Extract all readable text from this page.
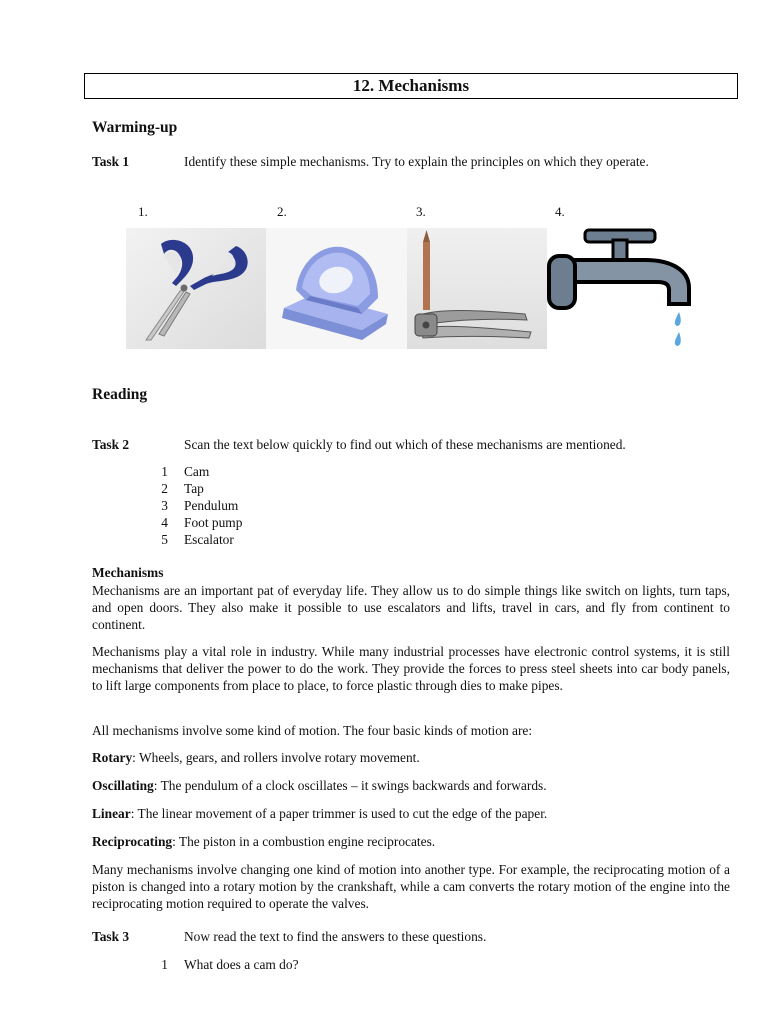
12. Mechanisms
Warming-up
Task 1	Identify these simple mechanisms. Try to explain the principles on which they operate.
1.	2.	3.	4.
Reading
Task 2	Scan the text below quickly to find out which of these mechanisms are mentioned.
1 Cam
2 Tap
3 Pendulum
4 Foot pump
5 Escalator
Mechanisms
Mechanisms are an important pat of everyday life. They allow us to do simple things like switch on lights, turn taps, and open doors. They also make it possible to use escalators and lifts, travel in cars, and fly from continent to continent.
Mechanisms play a vital role in industry. While many industrial processes have electronic control systems, it is still mechanisms that deliver the power to do the work. They provide the forces to press steel sheets into car body panels, to lift large components from place to place, to force plastic through dies to make pipes.
All mechanisms involve some kind of motion. The four basic kinds of motion are:
Rotary: Wheels, gears, and rollers involve rotary movement.
Oscillating: The pendulum of a clock oscillates – it swings backwards and forwards.
Linear: The linear movement of a paper trimmer is used to cut the edge of the paper.
Reciprocating: The piston in a combustion engine reciprocates.
Many mechanisms involve changing one kind of motion into another type. For example, the reciprocating motion of a piston is changed into a rotary motion by the crankshaft, while a cam converts the rotary motion of the engine into the reciprocating motion required to operate the valves.
Task 3	Now read the text to find the answers to these questions.
1 What does a cam do?
